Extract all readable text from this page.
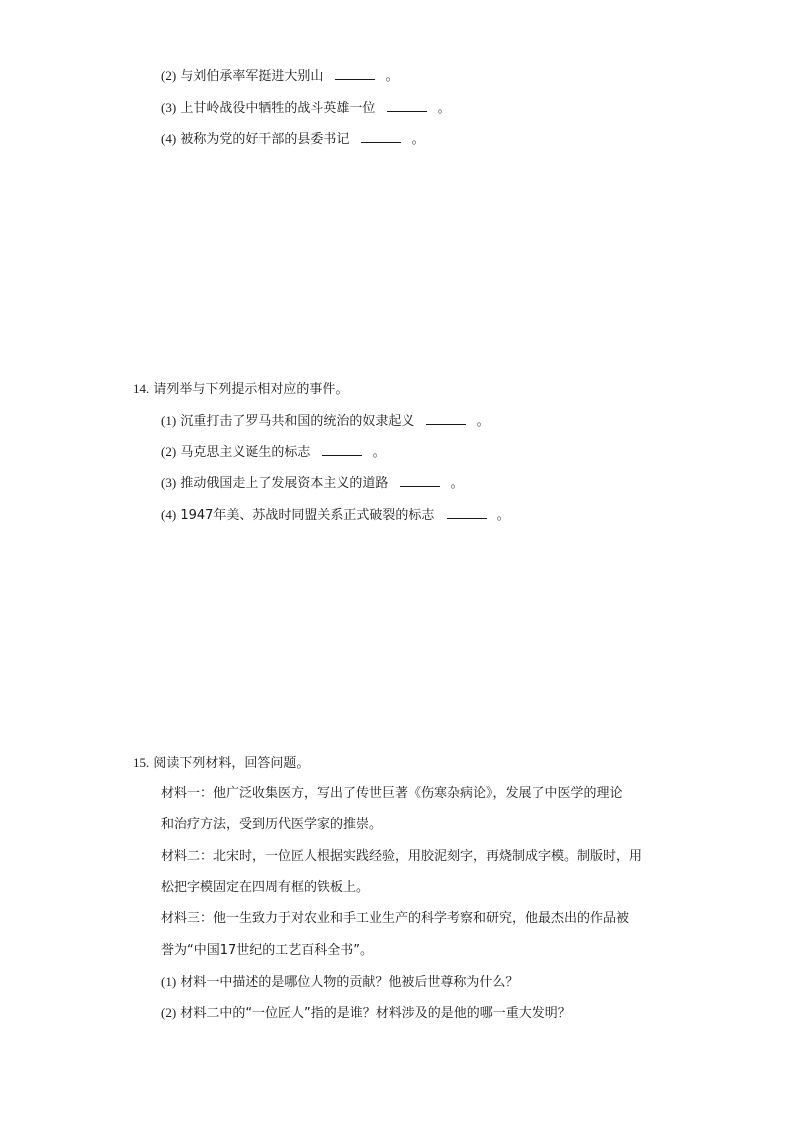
(2) 与刘伯承率军挺进大别山	。
(3) 上甘岭战役中牺牲的战斗英雄一位	。
(4) 被称为党的好干部的县委书记	。
14. 请列举与下列提示相对应的事件。
(1) 沉重打击了罗马共和国的统治的奴隶起义	。
(2) 马克思主义诞生的标志	。
(3) 推动俄国走上了发展资本主义的道路	。
(4) 1947年美、苏战时同盟关系正式破裂的标志	。
15. 阅读下列材料，回答问题。
材料一：他广泛收集医方，写出了传世巨著《伤寒杂病论》，发展了中医学的理论
和治疗方法，受到历代医学家的推崇。
材料二：北宋时，一位匠人根据实践经验，用胶泥刻字，再烧制成字模。制版时，用
松把字模固定在四周有框的铁板上。
材料三：他一生致力于对农业和手工业生产的科学考察和研究，他最杰出的作品被
誉为“中国17世纪的工艺百科全书”。
(1) 材料一中描述的是哪位人物的贡献？他被后世尊称为什么？
(2) 材料二中的“一位匠人”指的是谁？材料涉及的是他的哪一重大发明？
